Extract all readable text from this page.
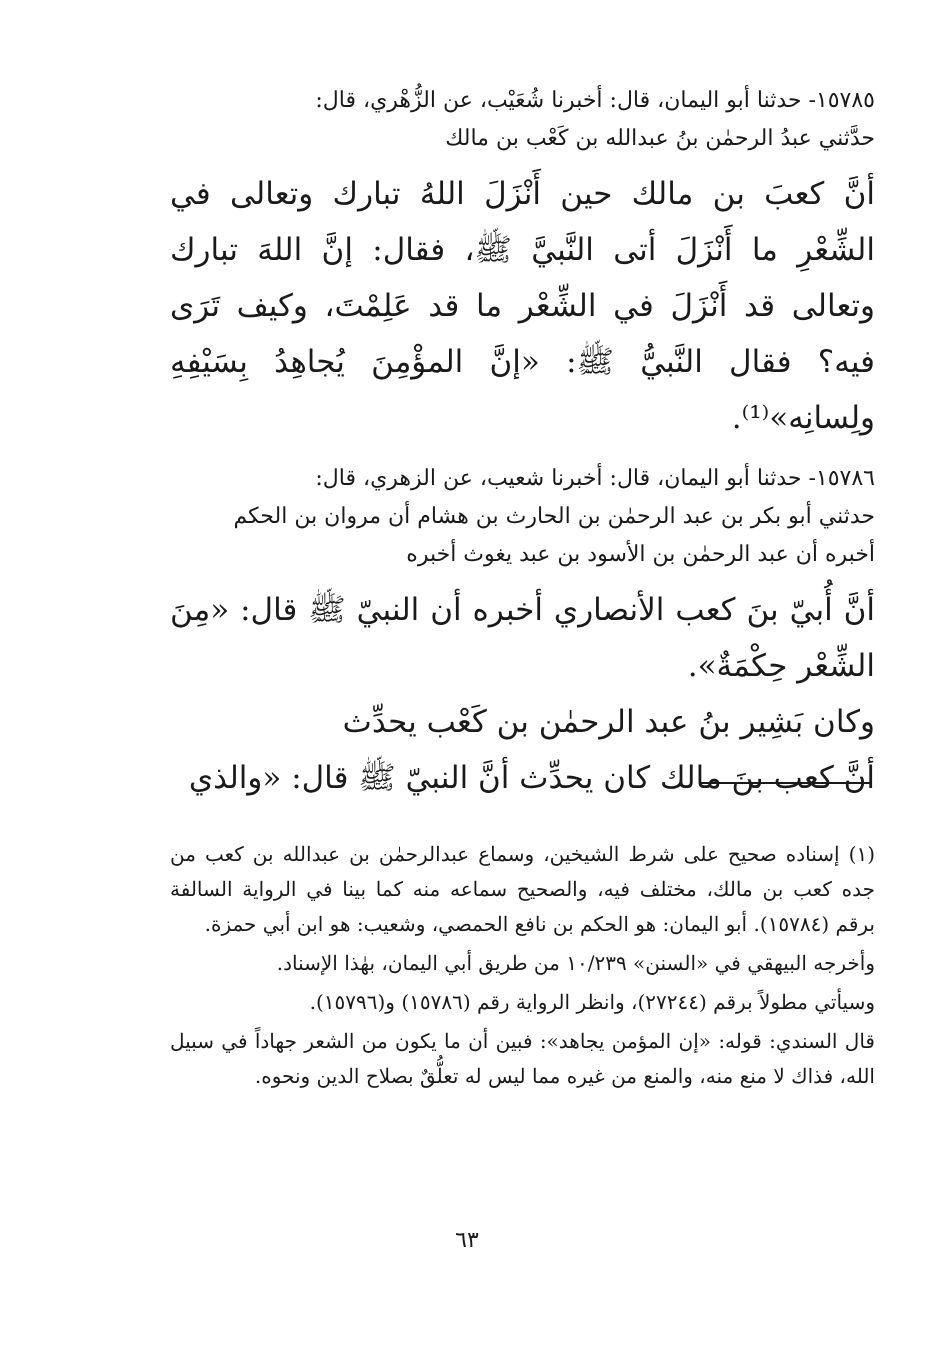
١٥٧٨٥- حدثنا أبو اليمان، قال: أخبرنا شُعَيْب، عن الزُّهْري، قال:
حدَّثني عبدُ الرحمٰن بنُ عبدالله بن كَعْب بن مالك

أنَّ كعبَ بن مالك حين أَنْزَلَ اللهُ تبارك وتعالى في الشِّعْرِ ما أَنْزَلَ أتى النَّبيَّ ﷺ، فقال: إنَّ اللهَ تبارك وتعالى قد أَنْزَلَ في الشِّعْر ما قد عَلِمْتَ، وكيف تَرَى فيه؟ فقال النَّبيُّ ﷺ: «إنَّ المؤْمِنَ يُجاهِدُ بِسَيْفِهِ ولِسانِه»⁽¹⁾.

١٥٧٨٦- حدثنا أبو اليمان، قال: أخبرنا شعيب، عن الزهري، قال:
حدثني أبو بكر بن عبد الرحمٰن بن الحارث بن هشام أن مروان بن الحكم
أخبره أن عبد الرحمٰن بن الأسود بن عبد يغوث أخبره

أنَّ أُبيّ بنَ كعب الأنصاري أخبره أن النبيّ ﷺ قال: «مِنَ الشِّعْر حِكْمَةٌ».

وكان بَشِير بنُ عبد الرحمٰن بن كَعْب يحدِّث

أنَّ كعب بنَ مالك كان يحدِّث أنَّ النبيّ ﷺ قال: «والذي

(١) إسناده صحيح على شرط الشيخين، وسماع عبدالرحمٰن بن عبدالله بن كعب من جده كعب بن مالك، مختلف فيه، والصحيح سماعه منه كما بينا في الرواية السالفة برقم (١٥٧٨٤). أبو اليمان: هو الحكم بن نافع الحمصي، وشعيب: هو ابن أبي حمزة.

وأخرجه البيهقي في «السنن» ١٠/٢٣٩ من طريق أبي اليمان، بهٰذا الإسناد.

وسيأتي مطولاً برقم (٢٧٢٤٤)، وانظر الرواية رقم (١٥٧٨٦) و(١٥٧٩٦).

قال السندي: قوله: «إن المؤمن يجاهد»: فبين أن ما يكون من الشعر جهاداً في سبيل الله، فذاك لا منع منه، والمنع من غيره مما ليس له تعلُّقٌ بصلاح الدين ونحوه.

٦٣
